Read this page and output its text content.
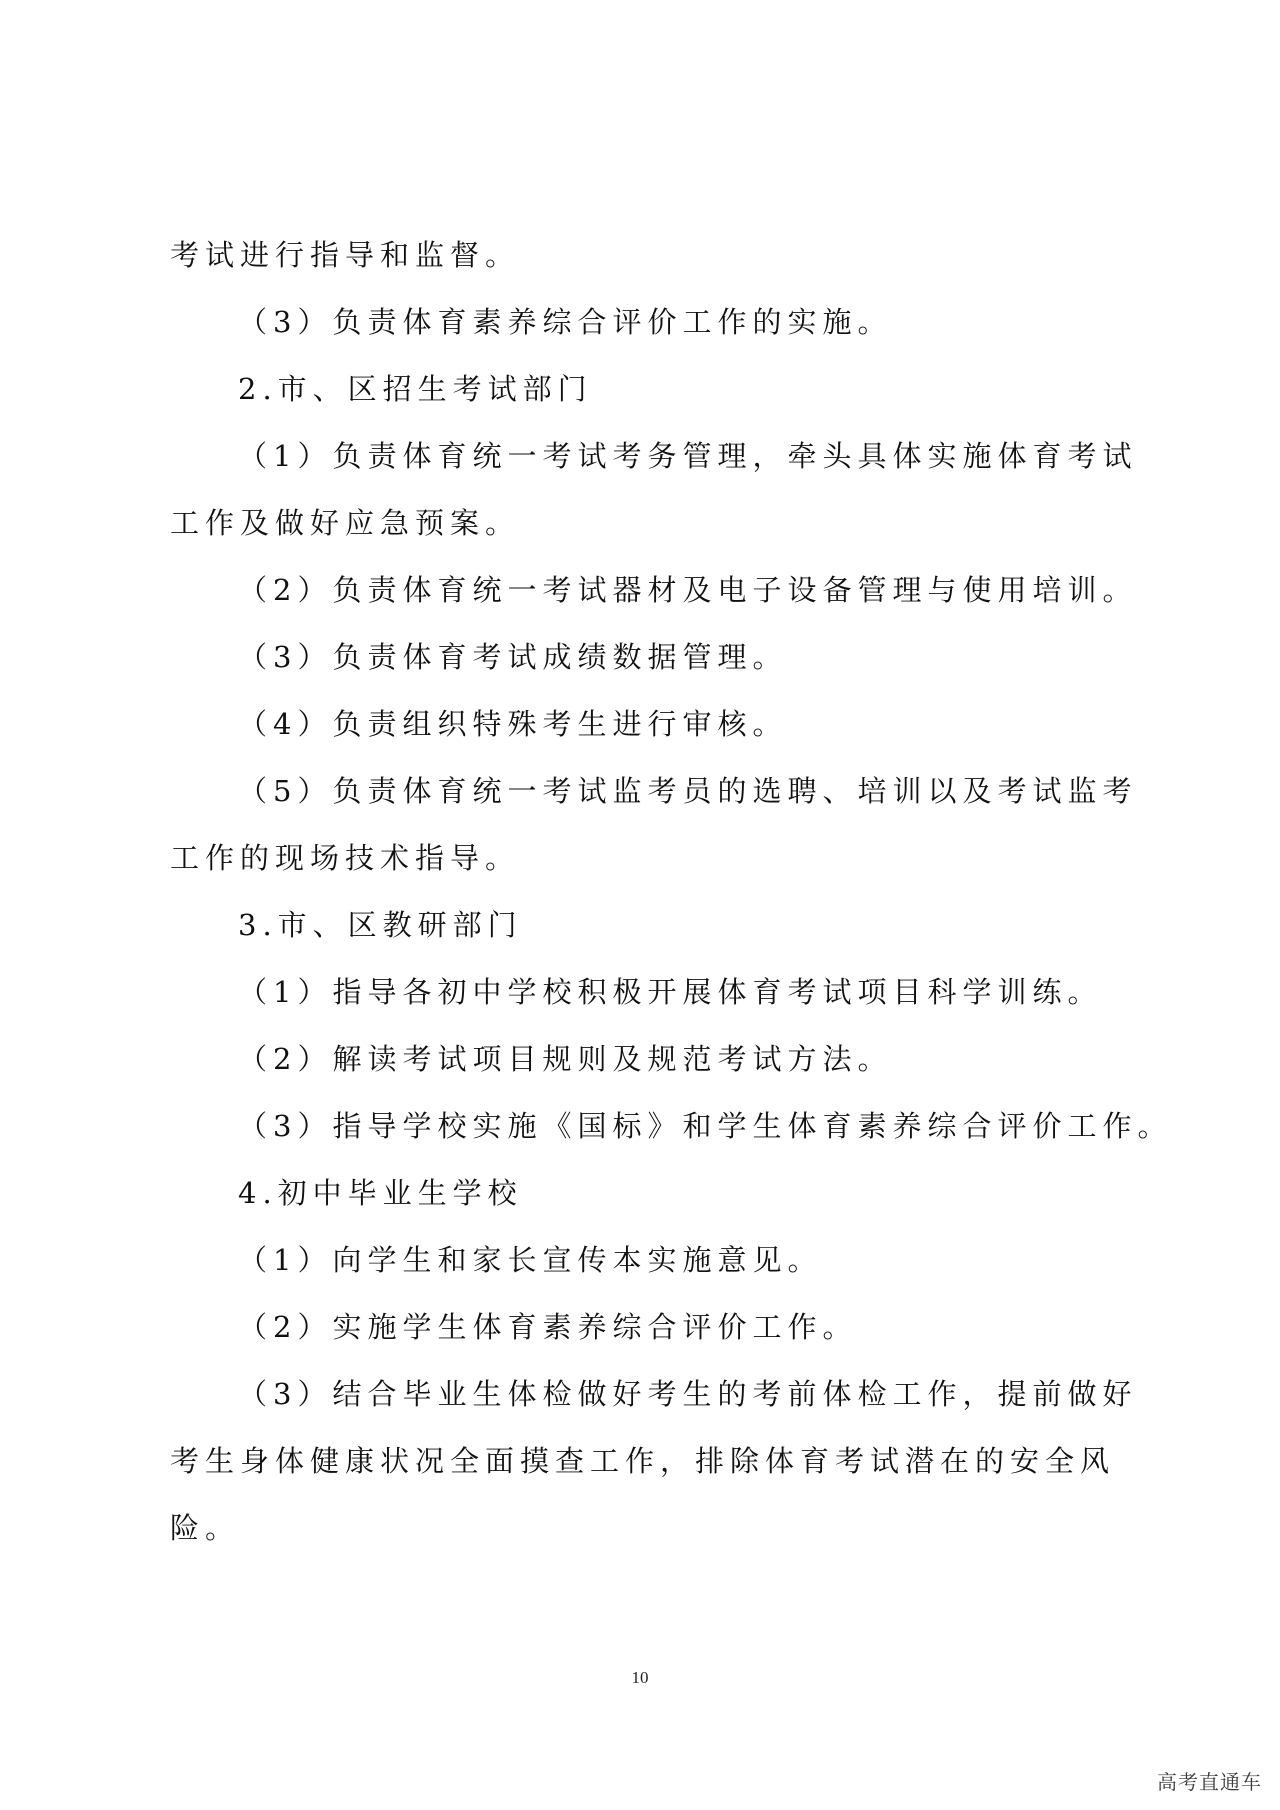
考试进行指导和监督。

（3）负责体育素养综合评价工作的实施。

2.市、区招生考试部门

（1）负责体育统一考试考务管理，牵头具体实施体育考试

工作及做好应急预案。

（2）负责体育统一考试器材及电子设备管理与使用培训。

（3）负责体育考试成绩数据管理。

（4）负责组织特殊考生进行审核。

（5）负责体育统一考试监考员的选聘、培训以及考试监考

工作的现场技术指导。

3.市、区教研部门

（1）指导各初中学校积极开展体育考试项目科学训练。

（2）解读考试项目规则及规范考试方法。

（3）指导学校实施《国标》和学生体育素养综合评价工作。

4.初中毕业生学校

（1）向学生和家长宣传本实施意见。

（2）实施学生体育素养综合评价工作。

（3）结合毕业生体检做好考生的考前体检工作，提前做好

考生身体健康状况全面摸查工作，排除体育考试潜在的安全风

险。

10
高考直通车
